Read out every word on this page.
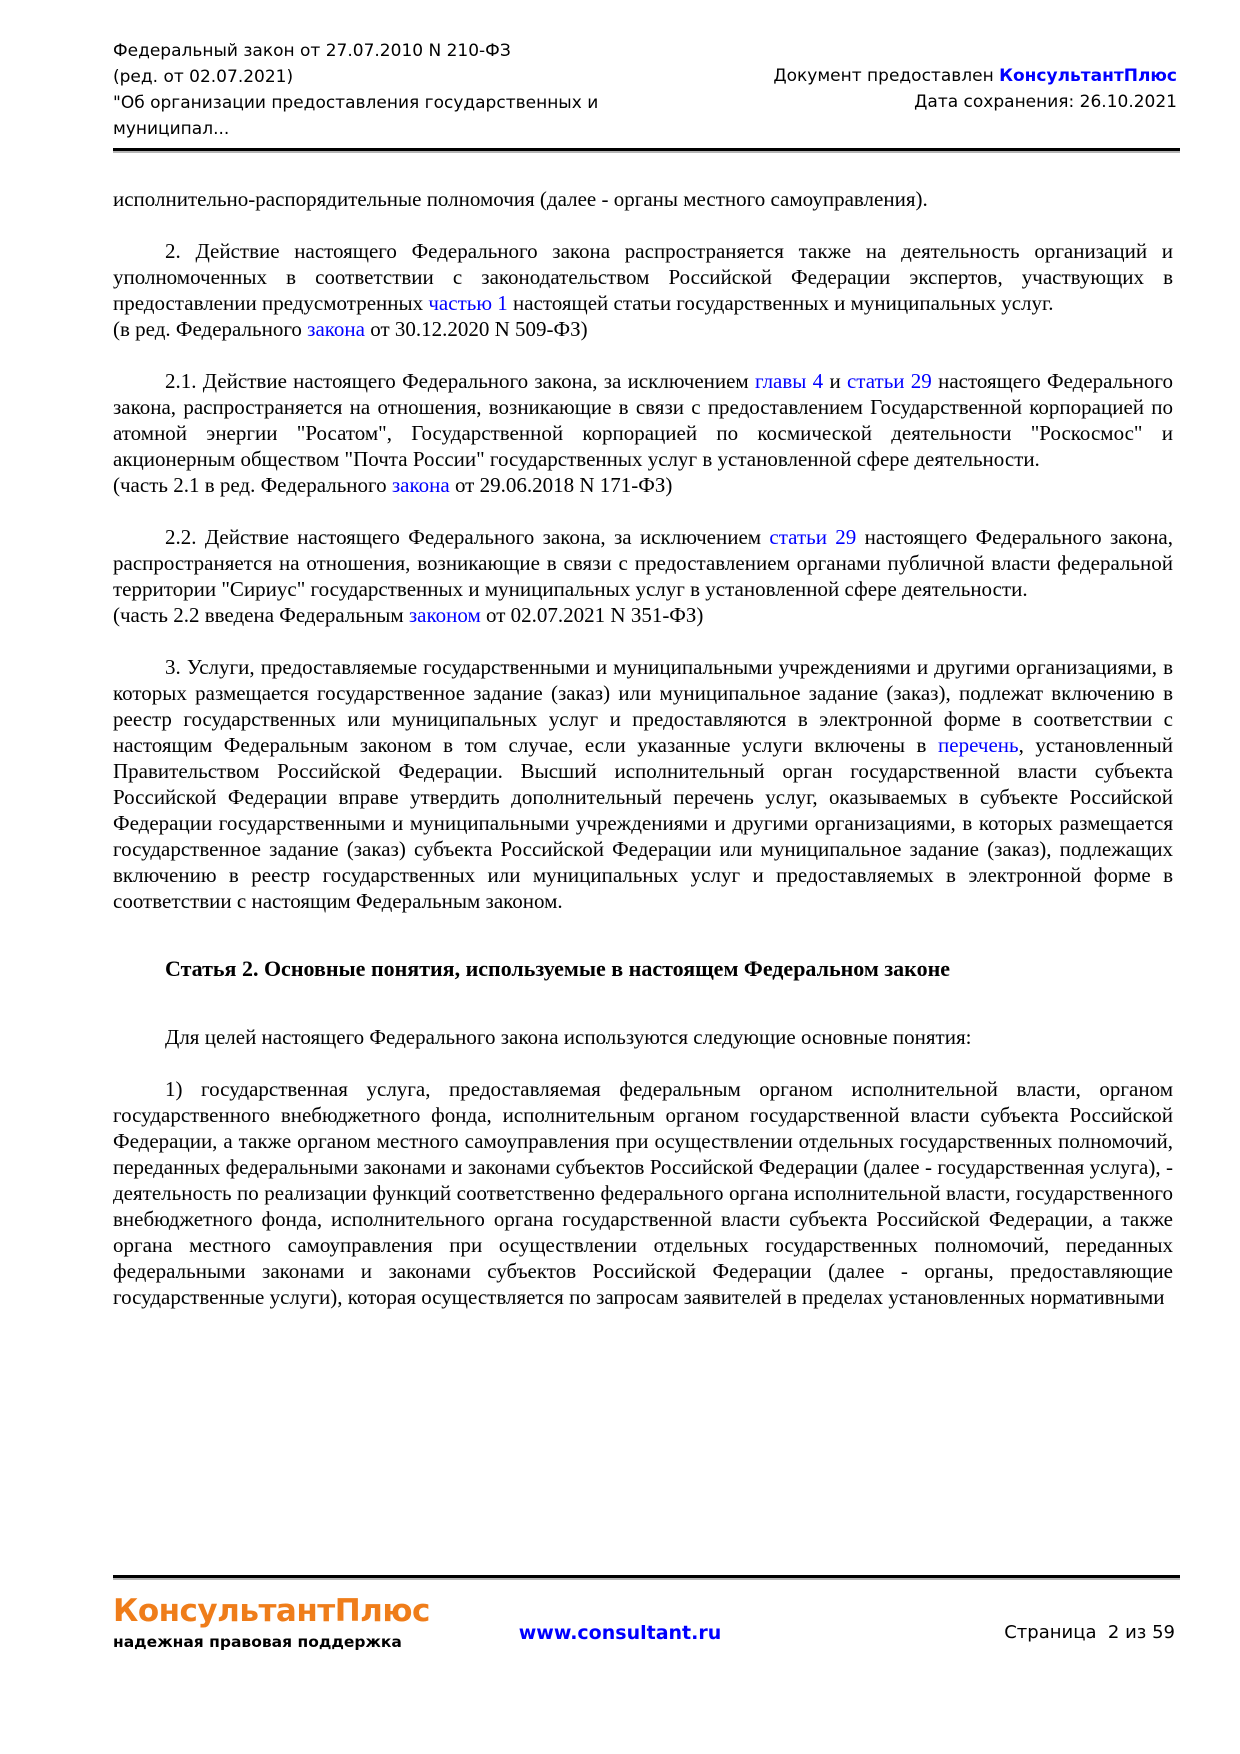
Федеральный закон от 27.07.2010 N 210-ФЗ
(ред. от 02.07.2021)
"Об организации предоставления государственных и
муниципал...
Документ предоставлен КонсультантПлюс
Дата сохранения: 26.10.2021

исполнительно-распорядительные полномочия (далее - органы местного самоуправления).

2. Действие настоящего Федерального закона распространяется также на деятельность организаций и уполномоченных в соответствии с законодательством Российской Федерации экспертов, участвующих в предоставлении предусмотренных частью 1 настоящей статьи государственных и муниципальных услуг.

(в ред. Федерального закона от 30.12.2020 N 509-ФЗ)

2.1. Действие настоящего Федерального закона, за исключением главы 4 и статьи 29 настоящего Федерального закона, распространяется на отношения, возникающие в связи с предоставлением Государственной корпорацией по атомной энергии "Росатом", Государственной корпорацией по космической деятельности "Роскосмос" и акционерным обществом "Почта России" государственных услуг в установленной сфере деятельности.

(часть 2.1 в ред. Федерального закона от 29.06.2018 N 171-ФЗ)

2.2. Действие настоящего Федерального закона, за исключением статьи 29 настоящего Федерального закона, распространяется на отношения, возникающие в связи с предоставлением органами публичной власти федеральной территории "Сириус" государственных и муниципальных услуг в установленной сфере деятельности.

(часть 2.2 введена Федеральным законом от 02.07.2021 N 351-ФЗ)

3. Услуги, предоставляемые государственными и муниципальными учреждениями и другими организациями, в которых размещается государственное задание (заказ) или муниципальное задание (заказ), подлежат включению в реестр государственных или муниципальных услуг и предоставляются в электронной форме в соответствии с настоящим Федеральным законом в том случае, если указанные услуги включены в перечень, установленный Правительством Российской Федерации. Высший исполнительный орган государственной власти субъекта Российской Федерации вправе утвердить дополнительный перечень услуг, оказываемых в субъекте Российской Федерации государственными и муниципальными учреждениями и другими организациями, в которых размещается государственное задание (заказ) субъекта Российской Федерации или муниципальное задание (заказ), подлежащих включению в реестр государственных или муниципальных услуг и предоставляемых в электронной форме в соответствии с настоящим Федеральным законом.

Статья 2. Основные понятия, используемые в настоящем Федеральном законе

Для целей настоящего Федерального закона используются следующие основные понятия:

1) государственная услуга, предоставляемая федеральным органом исполнительной власти, органом государственного внебюджетного фонда, исполнительным органом государственной власти субъекта Российской Федерации, а также органом местного самоуправления при осуществлении отдельных государственных полномочий, переданных федеральными законами и законами субъектов Российской Федерации (далее - государственная услуга), - деятельность по реализации функций соответственно федерального органа исполнительной власти, государственного внебюджетного фонда, исполнительного органа государственной власти субъекта Российской Федерации, а также органа местного самоуправления при осуществлении отдельных государственных полномочий, переданных федеральными законами и законами субъектов Российской Федерации (далее - органы, предоставляющие государственные услуги), которая осуществляется по запросам заявителей в пределах установленных нормативными

КонсультантПлюс
надежная правовая поддержка	www.consultant.ru	Страница  2 из 59
